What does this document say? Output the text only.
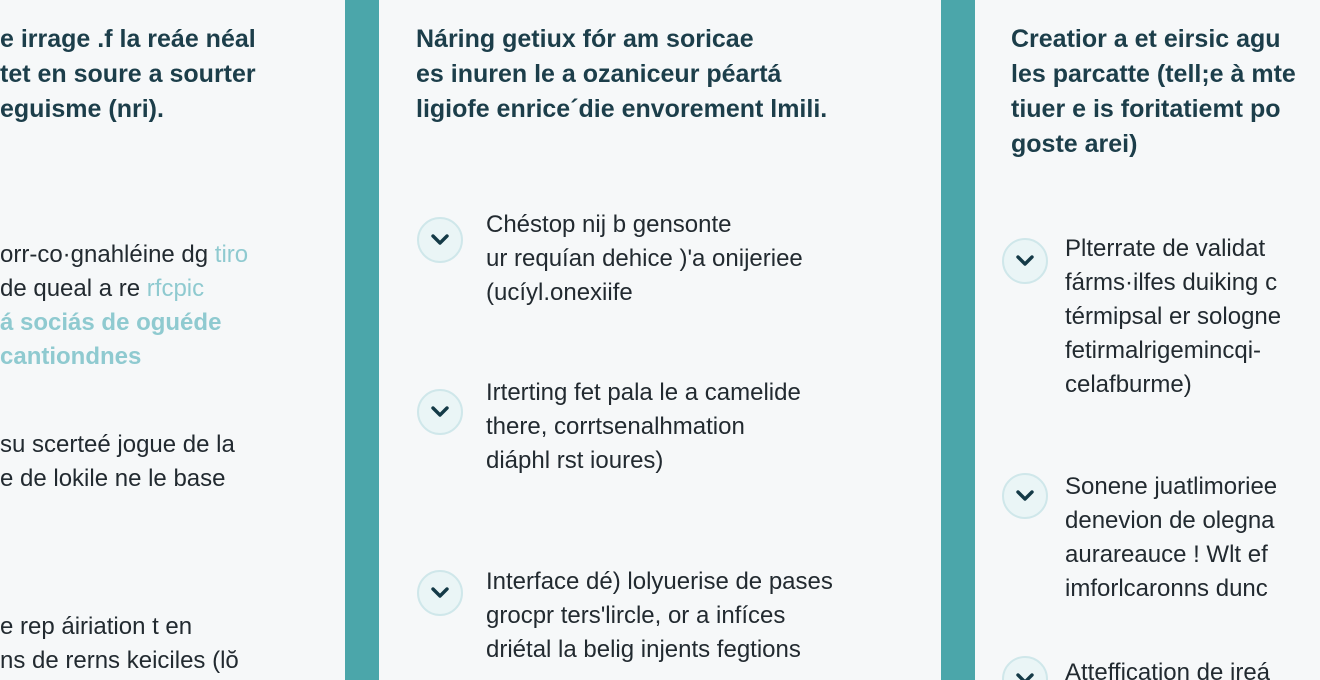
e irrage .f la reáe néal
tet en soure a sourter
eguisme (nri).
orr-co·gnahléine dg tiro
de queal a re rfcpic
á sociás de oguéde
cantiondnes
su scerteé jogue de la
e de lokile ne le base
e rep áiriation t en
ns de rerns keiciles (lŏ
Náring getiux fór am soricae
es inuren le a ozaniceur péartá
ligiofe enrice´die envorement lmili.
Chéstop nij b gensonte
ur requían dehice )'a onijeriee
(ucíyl.onexiife
Irterting fet pala le a camelide
there, corrtsenalhmation
diáphl rst ioures)
Interface dé) lolyuerise de pases
grocpr ters'lircle, or a infíces
driétal la belig injents fegtions
Creatior a et eirsic agu
les parcatte (tell;e à mte
tiuer e is foritatiemt po
goste arei)
Plterrate de validat
fárms·ilfes duiking c
térmipsal er sologne
fetirmalrigemincqi-
celafburme)
Sonene juatlimoriee
denevion de olegna
aurareauce ! Wlt ef
imforlcaronns dunc
Atteffication de ireá
